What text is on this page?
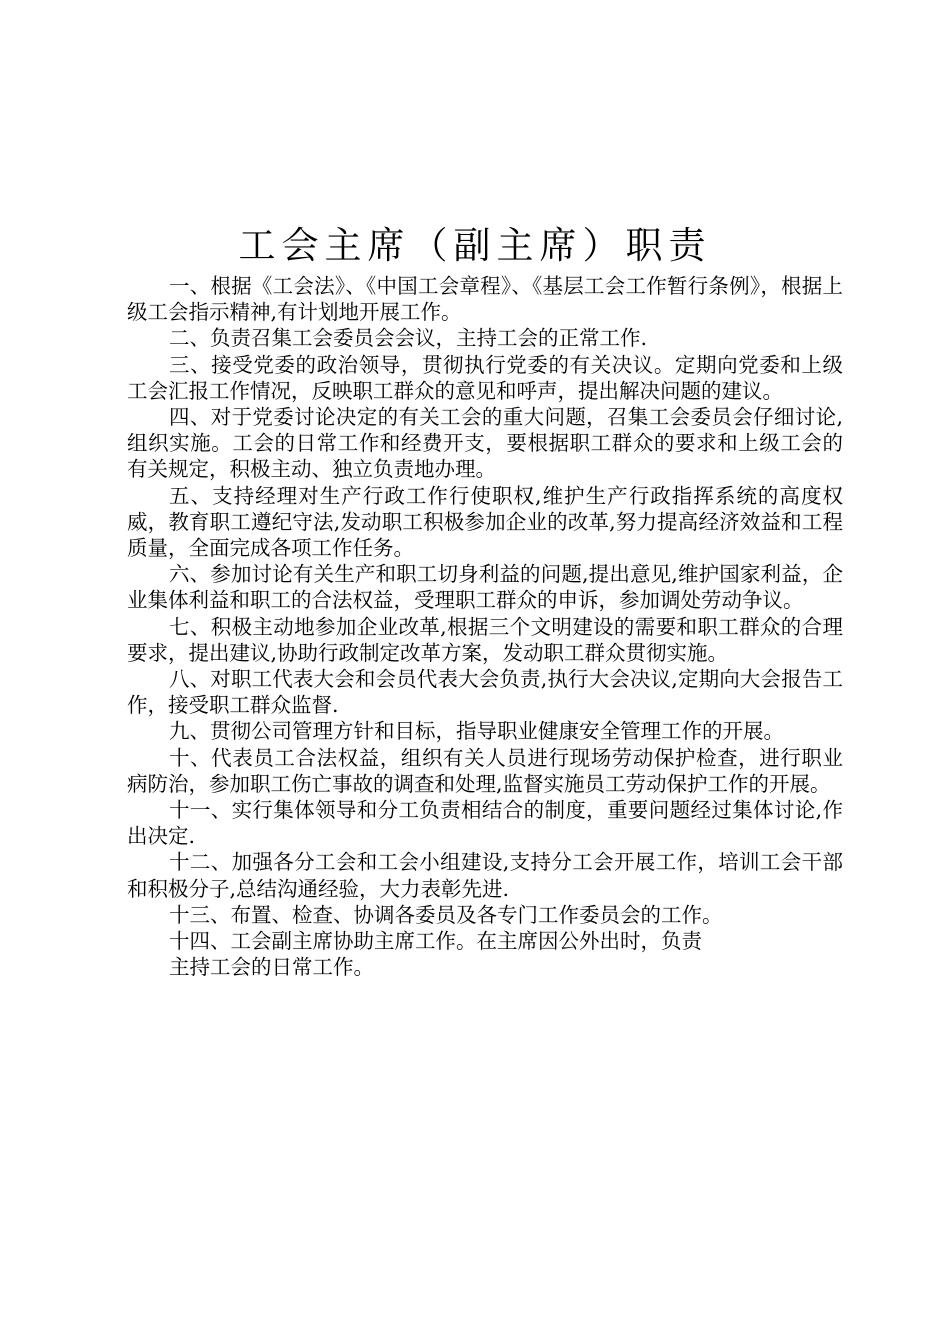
工会主席（副主席）职责

一、根据《工会法》、《中国工会章程》、《基层工会工作暂行条例》，根据上级工会指示精神,有计划地开展工作。

二、负责召集工会委员会会议，主持工会的正常工作.

三、接受党委的政治领导，贯彻执行党委的有关决议。定期向党委和上级工会汇报工作情况，反映职工群众的意见和呼声，提出解决问题的建议。

四、对于党委讨论决定的有关工会的重大问题，召集工会委员会仔细讨论,组织实施。工会的日常工作和经费开支，要根据职工群众的要求和上级工会的有关规定，积极主动、独立负责地办理。

五、支持经理对生产行政工作行使职权,维护生产行政指挥系统的高度权威，教育职工遵纪守法,发动职工积极参加企业的改革,努力提高经济效益和工程质量，全面完成各项工作任务。

六、参加讨论有关生产和职工切身利益的问题,提出意见,维护国家利益，企业集体利益和职工的合法权益，受理职工群众的申诉，参加调处劳动争议。

七、积极主动地参加企业改革,根据三个文明建设的需要和职工群众的合理要求，提出建议,协助行政制定改革方案，发动职工群众贯彻实施。

八、对职工代表大会和会员代表大会负责,执行大会决议,定期向大会报告工作，接受职工群众监督.

九、贯彻公司管理方针和目标，指导职业健康安全管理工作的开展。

十、代表员工合法权益，组织有关人员进行现场劳动保护检查，进行职业病防治，参加职工伤亡事故的调查和处理,监督实施员工劳动保护工作的开展。

十一、实行集体领导和分工负责相结合的制度，重要问题经过集体讨论,作出决定.

十二、加强各分工会和工会小组建设,支持分工会开展工作，培训工会干部和积极分子,总结沟通经验，大力表彰先进.

十三、布置、检查、协调各委员及各专门工作委员会的工作。

十四、工会副主席协助主席工作。在主席因公外出时，负责

主持工会的日常工作。
